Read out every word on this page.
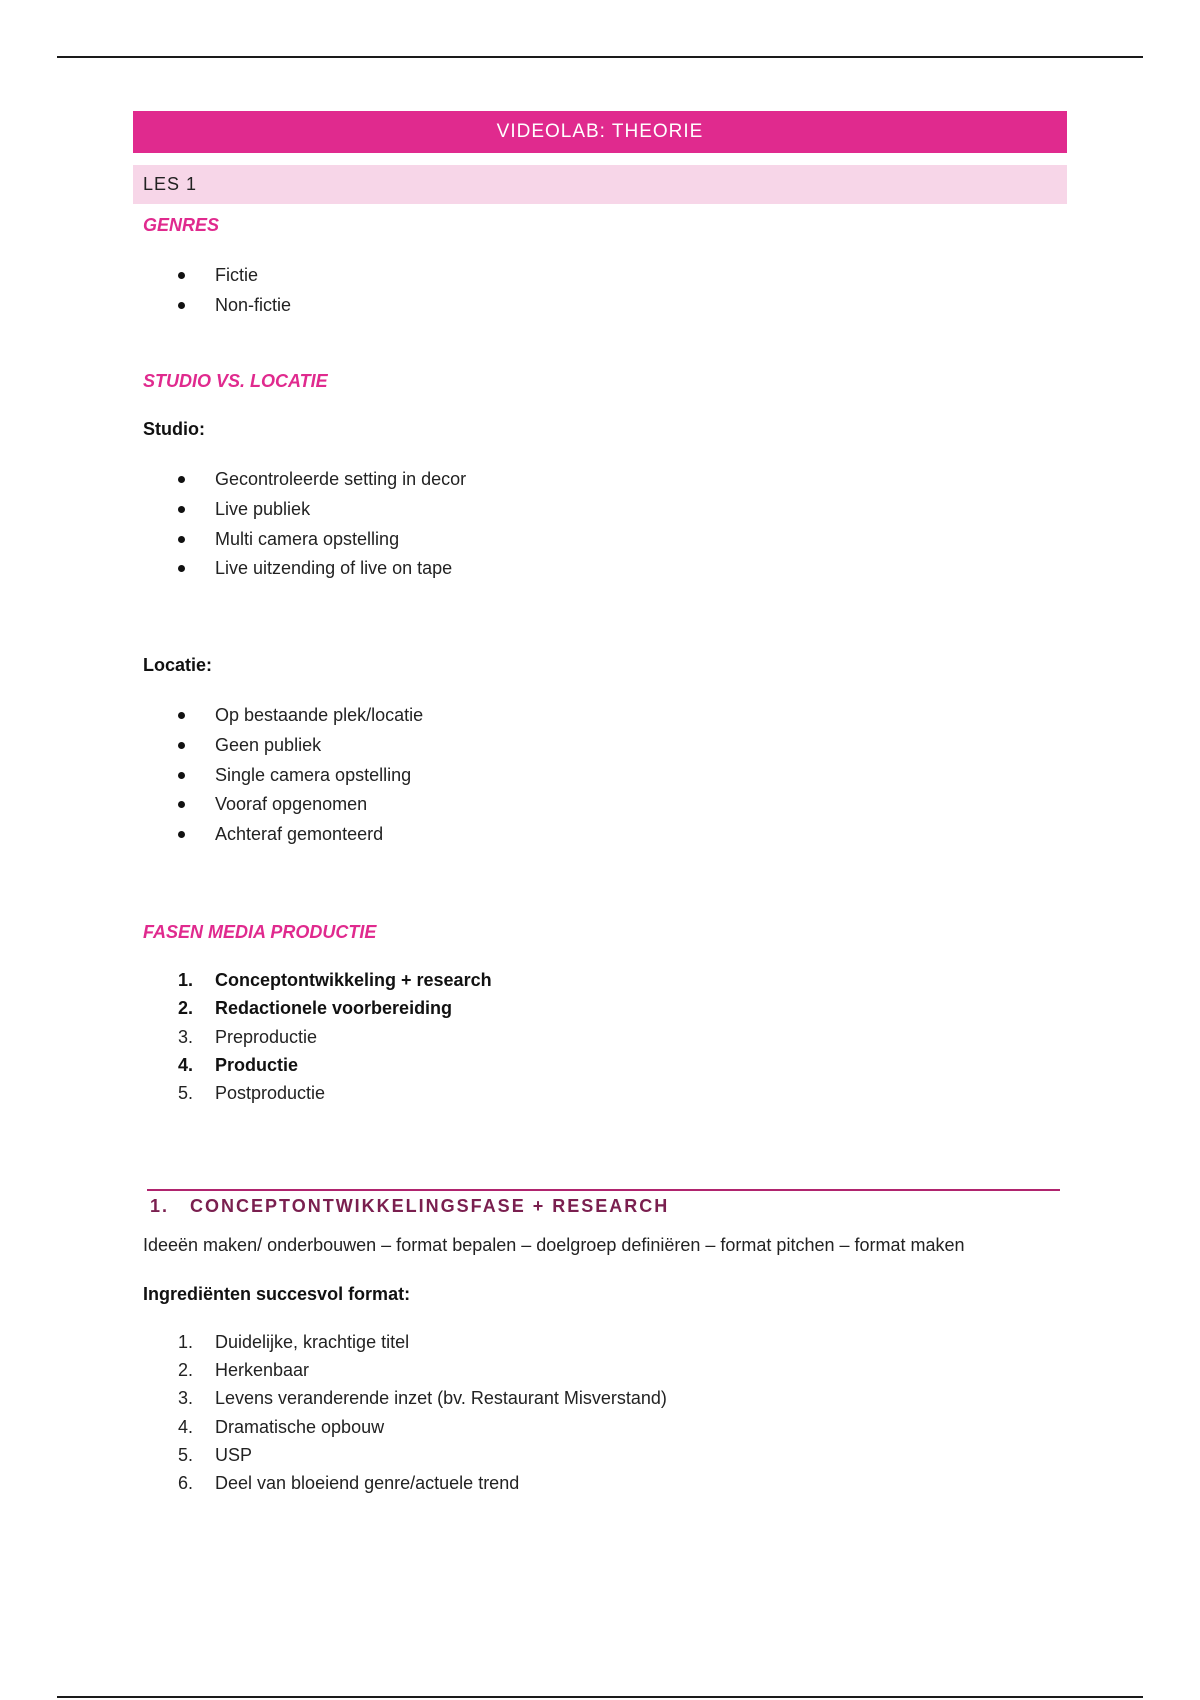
VIDEOLAB: THEORIE
LES 1
GENRES
Fictie
Non-fictie
STUDIO VS. LOCATIE
Studio:
Gecontroleerde setting in decor
Live publiek
Multi camera opstelling
Live uitzending of live on tape
Locatie:
Op bestaande plek/locatie
Geen publiek
Single camera opstelling
Vooraf opgenomen
Achteraf gemonteerd
FASEN MEDIA PRODUCTIE
1.	Conceptontwikkeling + research
2.	Redactionele voorbereiding
3.	Preproductie
4.	Productie
5.	Postproductie
1.   CONCEPTONTWIKKELINGSFASE + RESEARCH
Ideeën maken/ onderbouwen – format bepalen – doelgroep definiëren – format pitchen – format maken
Ingrediënten succesvol format:
1.	Duidelijke, krachtige titel
2.	Herkenbaar
3.	Levens veranderende inzet (bv. Restaurant Misverstand)
4.	Dramatische opbouw
5.	USP
6.	Deel van bloeiend genre/actuele trend
